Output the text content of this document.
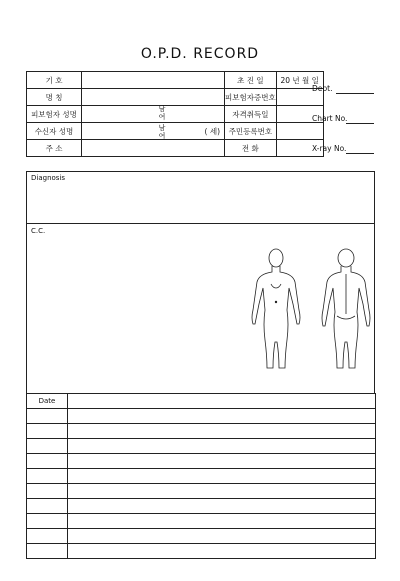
O.P.D. RECORD
기 호		초 진 일	20 년 월 일
명 칭		피보험자증번호	
피보험자 성명		자격취득일	
수신자 성명	( 세)	주민등록번호	
주 소		전 화	
남여
남여
Dept.
Chart No.
X-ray No.
Diagnosis
C.C.
Date	
